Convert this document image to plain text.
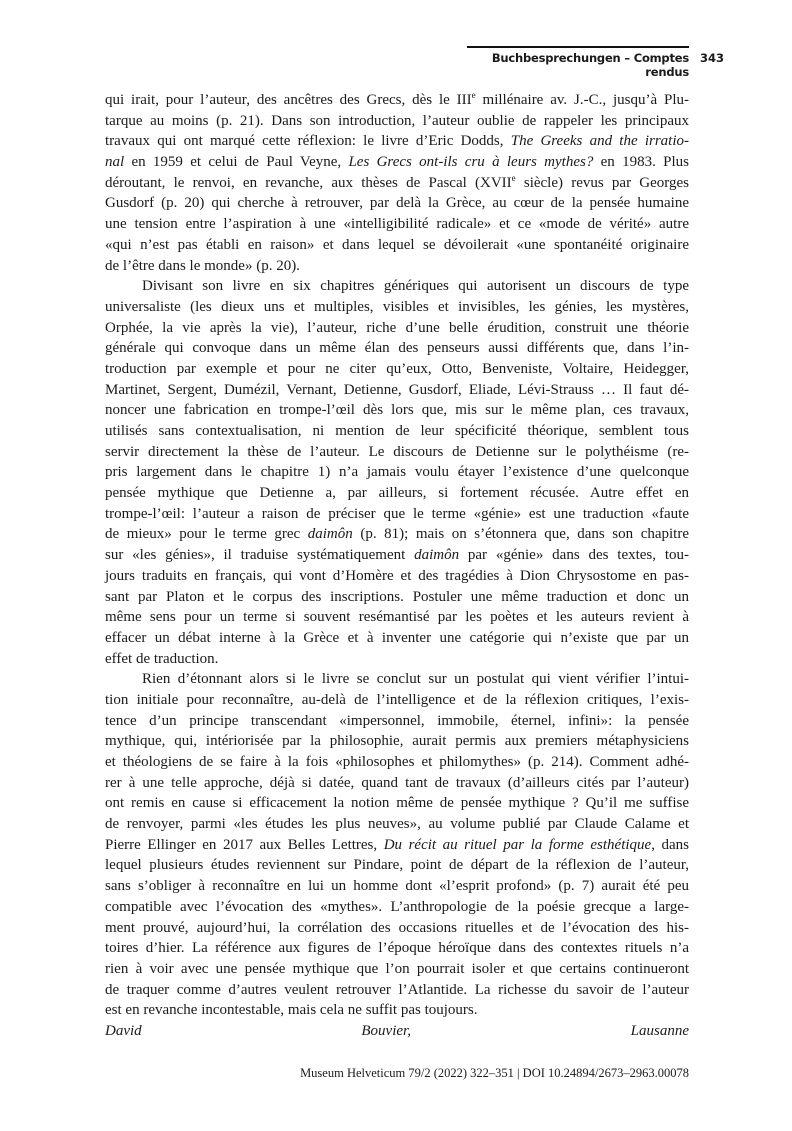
Buchbesprechungen – Comptes rendus
343
qui irait, pour l’auteur, des ancêtres des Grecs, dès le IIIe millénaire av. J.-C., jusqu’à Plu-
tarque au moins (p. 21). Dans son introduction, l’auteur oublie de rappeler les principaux
travaux qui ont marqué cette réflexion: le livre d’Eric Dodds, The Greeks and the irratio-
nal en 1959 et celui de Paul Veyne, Les Grecs ont-ils cru à leurs mythes? en 1983. Plus
déroutant, le renvoi, en revanche, aux thèses de Pascal (XVIIe siècle) revus par Georges
Gusdorf (p. 20) qui cherche à retrouver, par delà la Grèce, au cœur de la pensée humaine
une tension entre l’aspiration à une «intelligibilité radicale» et ce «mode de vérité» autre
«qui n’est pas établi en raison» et dans lequel se dévoilerait «une spontanéité originaire
de l’être dans le monde» (p. 20).
Divisant son livre en six chapitres génériques qui autorisent un discours de type
universaliste (les dieux uns et multiples, visibles et invisibles, les génies, les mystères,
Orphée, la vie après la vie), l’auteur, riche d’une belle érudition, construit une théorie
générale qui convoque dans un même élan des penseurs aussi différents que, dans l’in-
troduction par exemple et pour ne citer qu’eux, Otto, Benveniste, Voltaire, Heidegger,
Martinet, Sergent, Dumézil, Vernant, Detienne, Gusdorf, Eliade, Lévi-Strauss … Il faut dé-
noncer une fabrication en trompe-l’œil dès lors que, mis sur le même plan, ces travaux,
utilisés sans contextualisation, ni mention de leur spécificité théorique, semblent tous
servir directement la thèse de l’auteur. Le discours de Detienne sur le polythéisme (re-
pris largement dans le chapitre 1) n’a jamais voulu étayer l’existence d’une quelconque
pensée mythique que Detienne a, par ailleurs, si fortement récusée. Autre effet en
trompe-l’œil: l’auteur a raison de préciser que le terme «génie» est une traduction «faute
de mieux» pour le terme grec daimôn (p. 81); mais on s’étonnera que, dans son chapitre
sur «les génies», il traduise systématiquement daimôn par «génie» dans des textes, tou-
jours traduits en français, qui vont d’Homère et des tragédies à Dion Chrysostome en pas-
sant par Platon et le corpus des inscriptions. Postuler une même traduction et donc un
même sens pour un terme si souvent resémantisé par les poètes et les auteurs revient à
effacer un débat interne à la Grèce et à inventer une catégorie qui n’existe que par un
effet de traduction.
Rien d’étonnant alors si le livre se conclut sur un postulat qui vient vérifier l’intui-
tion initiale pour reconnaître, au-delà de l’intelligence et de la réflexion critiques, l’exis-
tence d’un principe transcendant «impersonnel, immobile, éternel, infini»: la pensée
mythique, qui, intériorisée par la philosophie, aurait permis aux premiers métaphysiciens
et théologiens de se faire à la fois «philosophes et philomythes» (p. 214). Comment adhé-
rer à une telle approche, déjà si datée, quand tant de travaux (d’ailleurs cités par l’auteur)
ont remis en cause si efficacement la notion même de pensée mythique ? Qu’il me suffise
de renvoyer, parmi «les études les plus neuves», au volume publié par Claude Calame et
Pierre Ellinger en 2017 aux Belles Lettres, Du récit au rituel par la forme esthétique, dans
lequel plusieurs études reviennent sur Pindare, point de départ de la réflexion de l’auteur,
sans s’obliger à reconnaître en lui un homme dont «l’esprit profond» (p. 7) aurait été peu
compatible avec l’évocation des «mythes». L’anthropologie de la poésie grecque a large-
ment prouvé, aujourd’hui, la corrélation des occasions rituelles et de l’évocation des his-
toires d’hier. La référence aux figures de l’époque héroïque dans des contextes rituels n’a
rien à voir avec une pensée mythique que l’on pourrait isoler et que certains continueront
de traquer comme d’autres veulent retrouver l’Atlantide. La richesse du savoir de l’auteur
est en revanche incontestable, mais cela ne suffit pas toujours.
David Bouvier, Lausanne
Museum Helveticum 79/2 (2022) 322–351 | DOI 10.24894/2673–2963.00078
